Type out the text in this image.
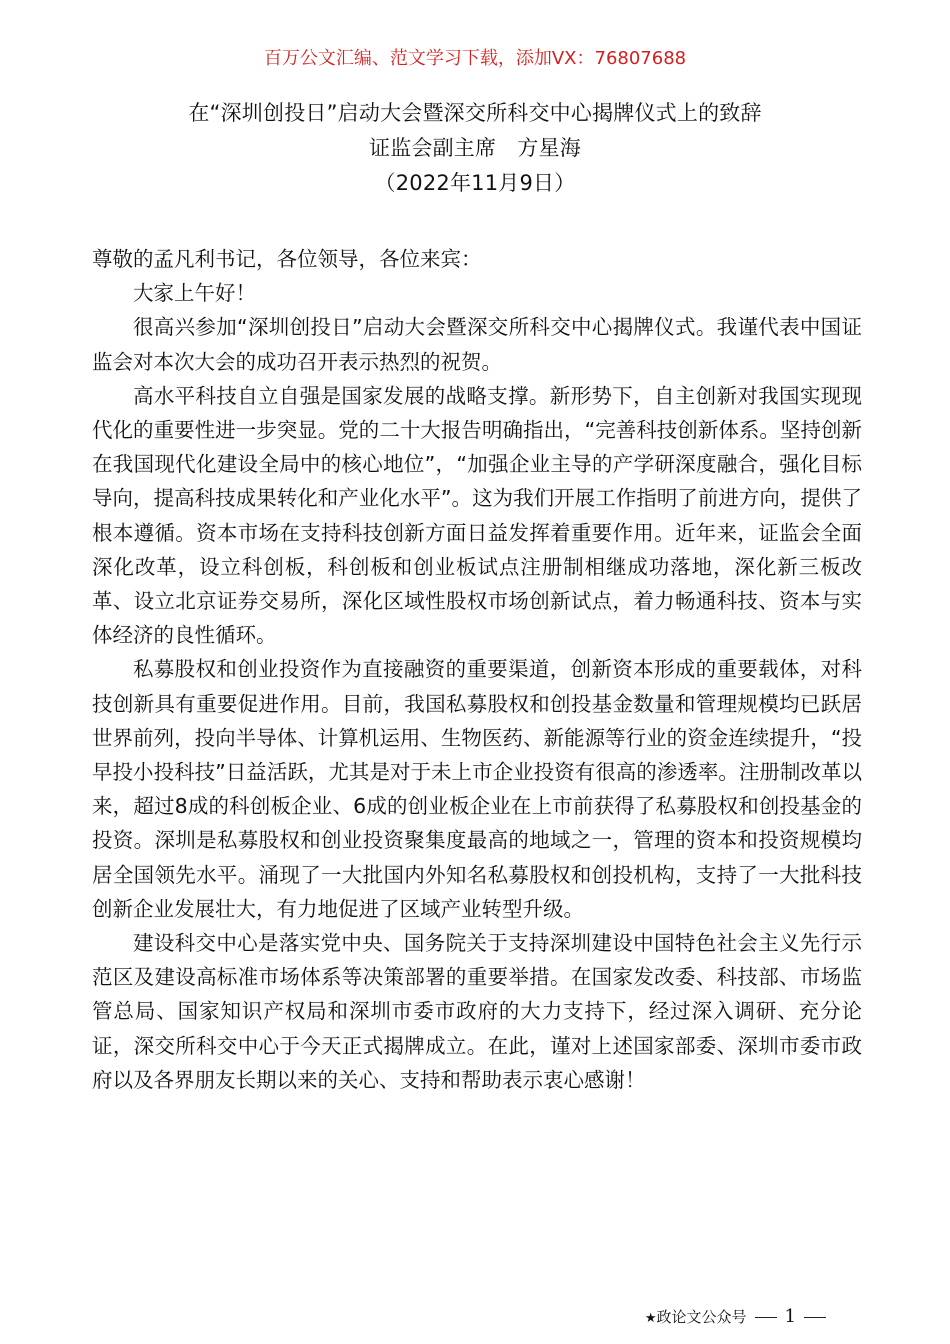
百万公文汇编、范文学习下载，添加VX：76807688
在“深圳创投日”启动大会暨深交所科交中心揭牌仪式上的致辞
证监会副主席　方星海
（2022年11月9日）

尊敬的孟凡利书记，各位领导，各位来宾：

大家上午好！

很高兴参加“深圳创投日”启动大会暨深交所科交中心揭牌仪式。我谨代表中国证监会对本次大会的成功召开表示热烈的祝贺。

高水平科技自立自强是国家发展的战略支撑。新形势下，自主创新对我国实现现代化的重要性进一步突显。党的二十大报告明确指出，“完善科技创新体系。坚持创新在我国现代化建设全局中的核心地位”，“加强企业主导的产学研深度融合，强化目标导向，提高科技成果转化和产业化水平”。这为我们开展工作指明了前进方向，提供了根本遵循。资本市场在支持科技创新方面日益发挥着重要作用。近年来，证监会全面深化改革，设立科创板，科创板和创业板试点注册制相继成功落地，深化新三板改革、设立北京证券交易所，深化区域性股权市场创新试点，着力畅通科技、资本与实体经济的良性循环。

私募股权和创业投资作为直接融资的重要渠道，创新资本形成的重要载体，对科技创新具有重要促进作用。目前，我国私募股权和创投基金数量和管理规模均已跃居世界前列，投向半导体、计算机运用、生物医药、新能源等行业的资金连续提升，“投早投小投科技”日益活跃，尤其是对于未上市企业投资有很高的渗透率。注册制改革以来，超过8成的科创板企业、6成的创业板企业在上市前获得了私募股权和创投基金的投资。深圳是私募股权和创业投资聚集度最高的地域之一，管理的资本和投资规模均居全国领先水平。涌现了一大批国内外知名私募股权和创投机构，支持了一大批科技创新企业发展壮大，有力地促进了区域产业转型升级。

建设科交中心是落实党中央、国务院关于支持深圳建设中国特色社会主义先行示范区及建设高标准市场体系等决策部署的重要举措。在国家发改委、科技部、市场监管总局、国家知识产权局和深圳市委市政府的大力支持下，经过深入调研、充分论证，深交所科交中心于今天正式揭牌成立。在此，谨对上述国家部委、深圳市委市政府以及各界朋友长期以来的关心、支持和帮助表示衷心感谢！

★政论文公众号 1
